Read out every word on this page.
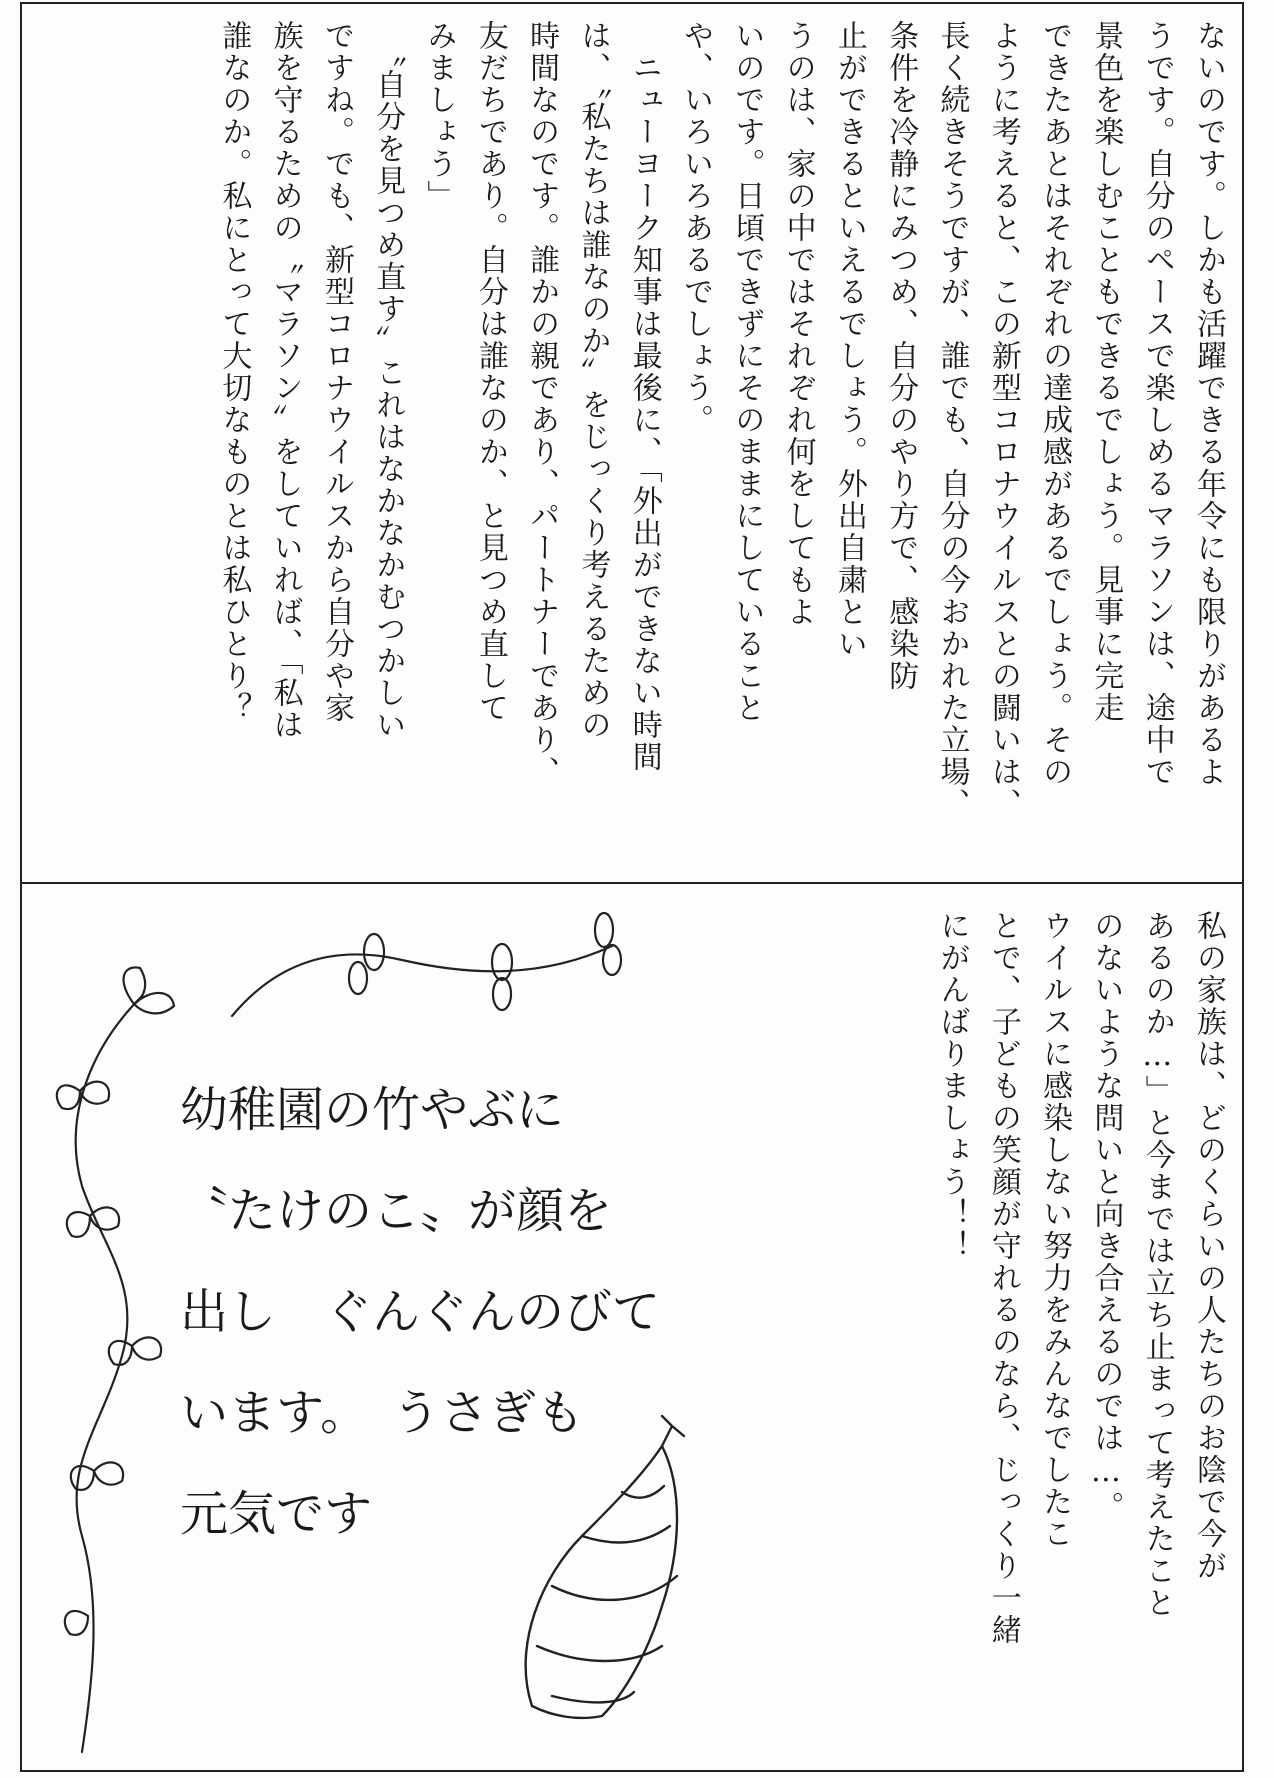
ないのです。しかも活躍できる年令にも限りがあるよ
うです。自分のペースで楽しめるマラソンは、途中で
景色を楽しむこともできるでしょう。見事に完走
できたあとはそれぞれの達成感があるでしょう。その
ように考えると、この新型コロナウイルスとの闘いは、
長く続きそうですが、誰でも、自分の今おかれた立場、
条件を冷静にみつめ、自分のやり方で、感染防
止ができるといえるでしょう。外出自粛とい
うのは、家の中ではそれぞれ何をしてもよ
いのです。日頃できずにそのままにしていること
や、いろいろあるでしょう。
　ニューヨーク知事は最後に、「外出ができない時間
は、〝私たちは誰なのか〟をじっくり考えるための
時間なのです。誰かの親であり、パートナーであり、
友だちであり。自分は誰なのか、と見つめ直して
みましょう」
　〝自分を見つめ直す〟これはなかなかむつかしい
ですね。でも、新型コロナウイルスから自分や家
族を守るための〝マラソン〟をしていれば、「私は
誰なのか。私にとって大切なものとは私ひとり？
私の家族は、どのくらいの人たちのお陰で今が
あるのか…」と今までは立ち止まって考えたこと
のないような問いと向き合えるのでは…。
ウイルスに感染しない努力をみんなでしたこ
とで、子どもの笑顔が守れるのなら、じっくり一緒
にがんばりましょう！！
幼稚園の竹やぶに
〝たけのこ〟が顔を
出し　ぐんぐんのびて
います。　うさぎも
元気です
